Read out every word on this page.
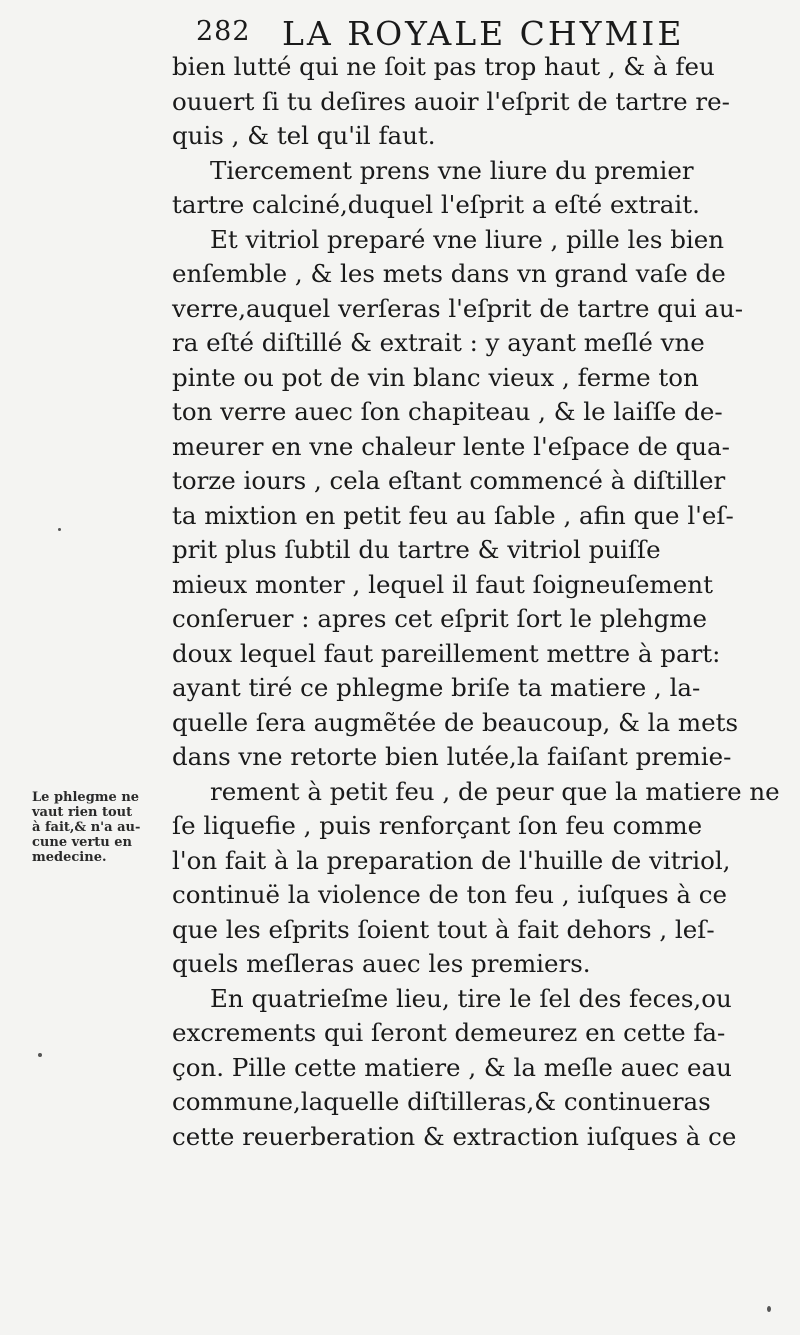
282 LA ROYALE CHYMIE
bien lutté qui ne ſoit pas trop haut , & à feu
ouuert ſi tu deſires auoir l'eſprit de tartre re-
quis , & tel qu'il faut.
Tiercement prens vne liure du premier
tartre calciné,duquel l'eſprit a eſté extrait.
Et vitriol preparé vne liure , pille les bien
enſemble , & les mets dans vn grand vaſe de
verre,auquel verſeras l'eſprit de tartre qui au-
ra eſté diſtillé & extrait : y ayant meſlé vne
pinte ou pot de vin blanc vieux , ferme ton
ton verre auec ſon chapiteau , & le laiſſe de-
meurer en vne chaleur lente l'eſpace de qua-
torze iours , cela eſtant commencé à diſtiller
ta mixtion en petit feu au ſable , afin que l'eſ-
prit plus ſubtil du tartre & vitriol puiſſe
mieux monter , lequel il faut ſoigneuſement
conſeruer : apres cet eſprit ſort le plehgme
doux lequel faut pareillement mettre à part:
ayant tiré ce phlegme briſe ta matiere , la-
quelle ſera augmẽtée de beaucoup, & la mets
dans vne retorte bien lutée,la faiſant premie-
rement à petit feu , de peur que la matiere ne
ſe liquefie , puis renforçant ſon feu comme
l'on fait à la preparation de l'huille de vitriol,
continuë la violence de ton feu , iuſques à ce
que les eſprits ſoient tout à fait dehors , leſ-
quels meſleras auec les premiers.
En quatrieſme lieu, tire le ſel des feces,ou
excrements qui ſeront demeurez en cette fa-
çon. Pille cette matiere , & la meſle auec eau
commune,laquelle diſtilleras,& continueras
cette reuerberation & extraction iuſques à ce
Le phlegme ne
vaut rien tout
à fait,& n'a au-
cune vertu en
medecine.
